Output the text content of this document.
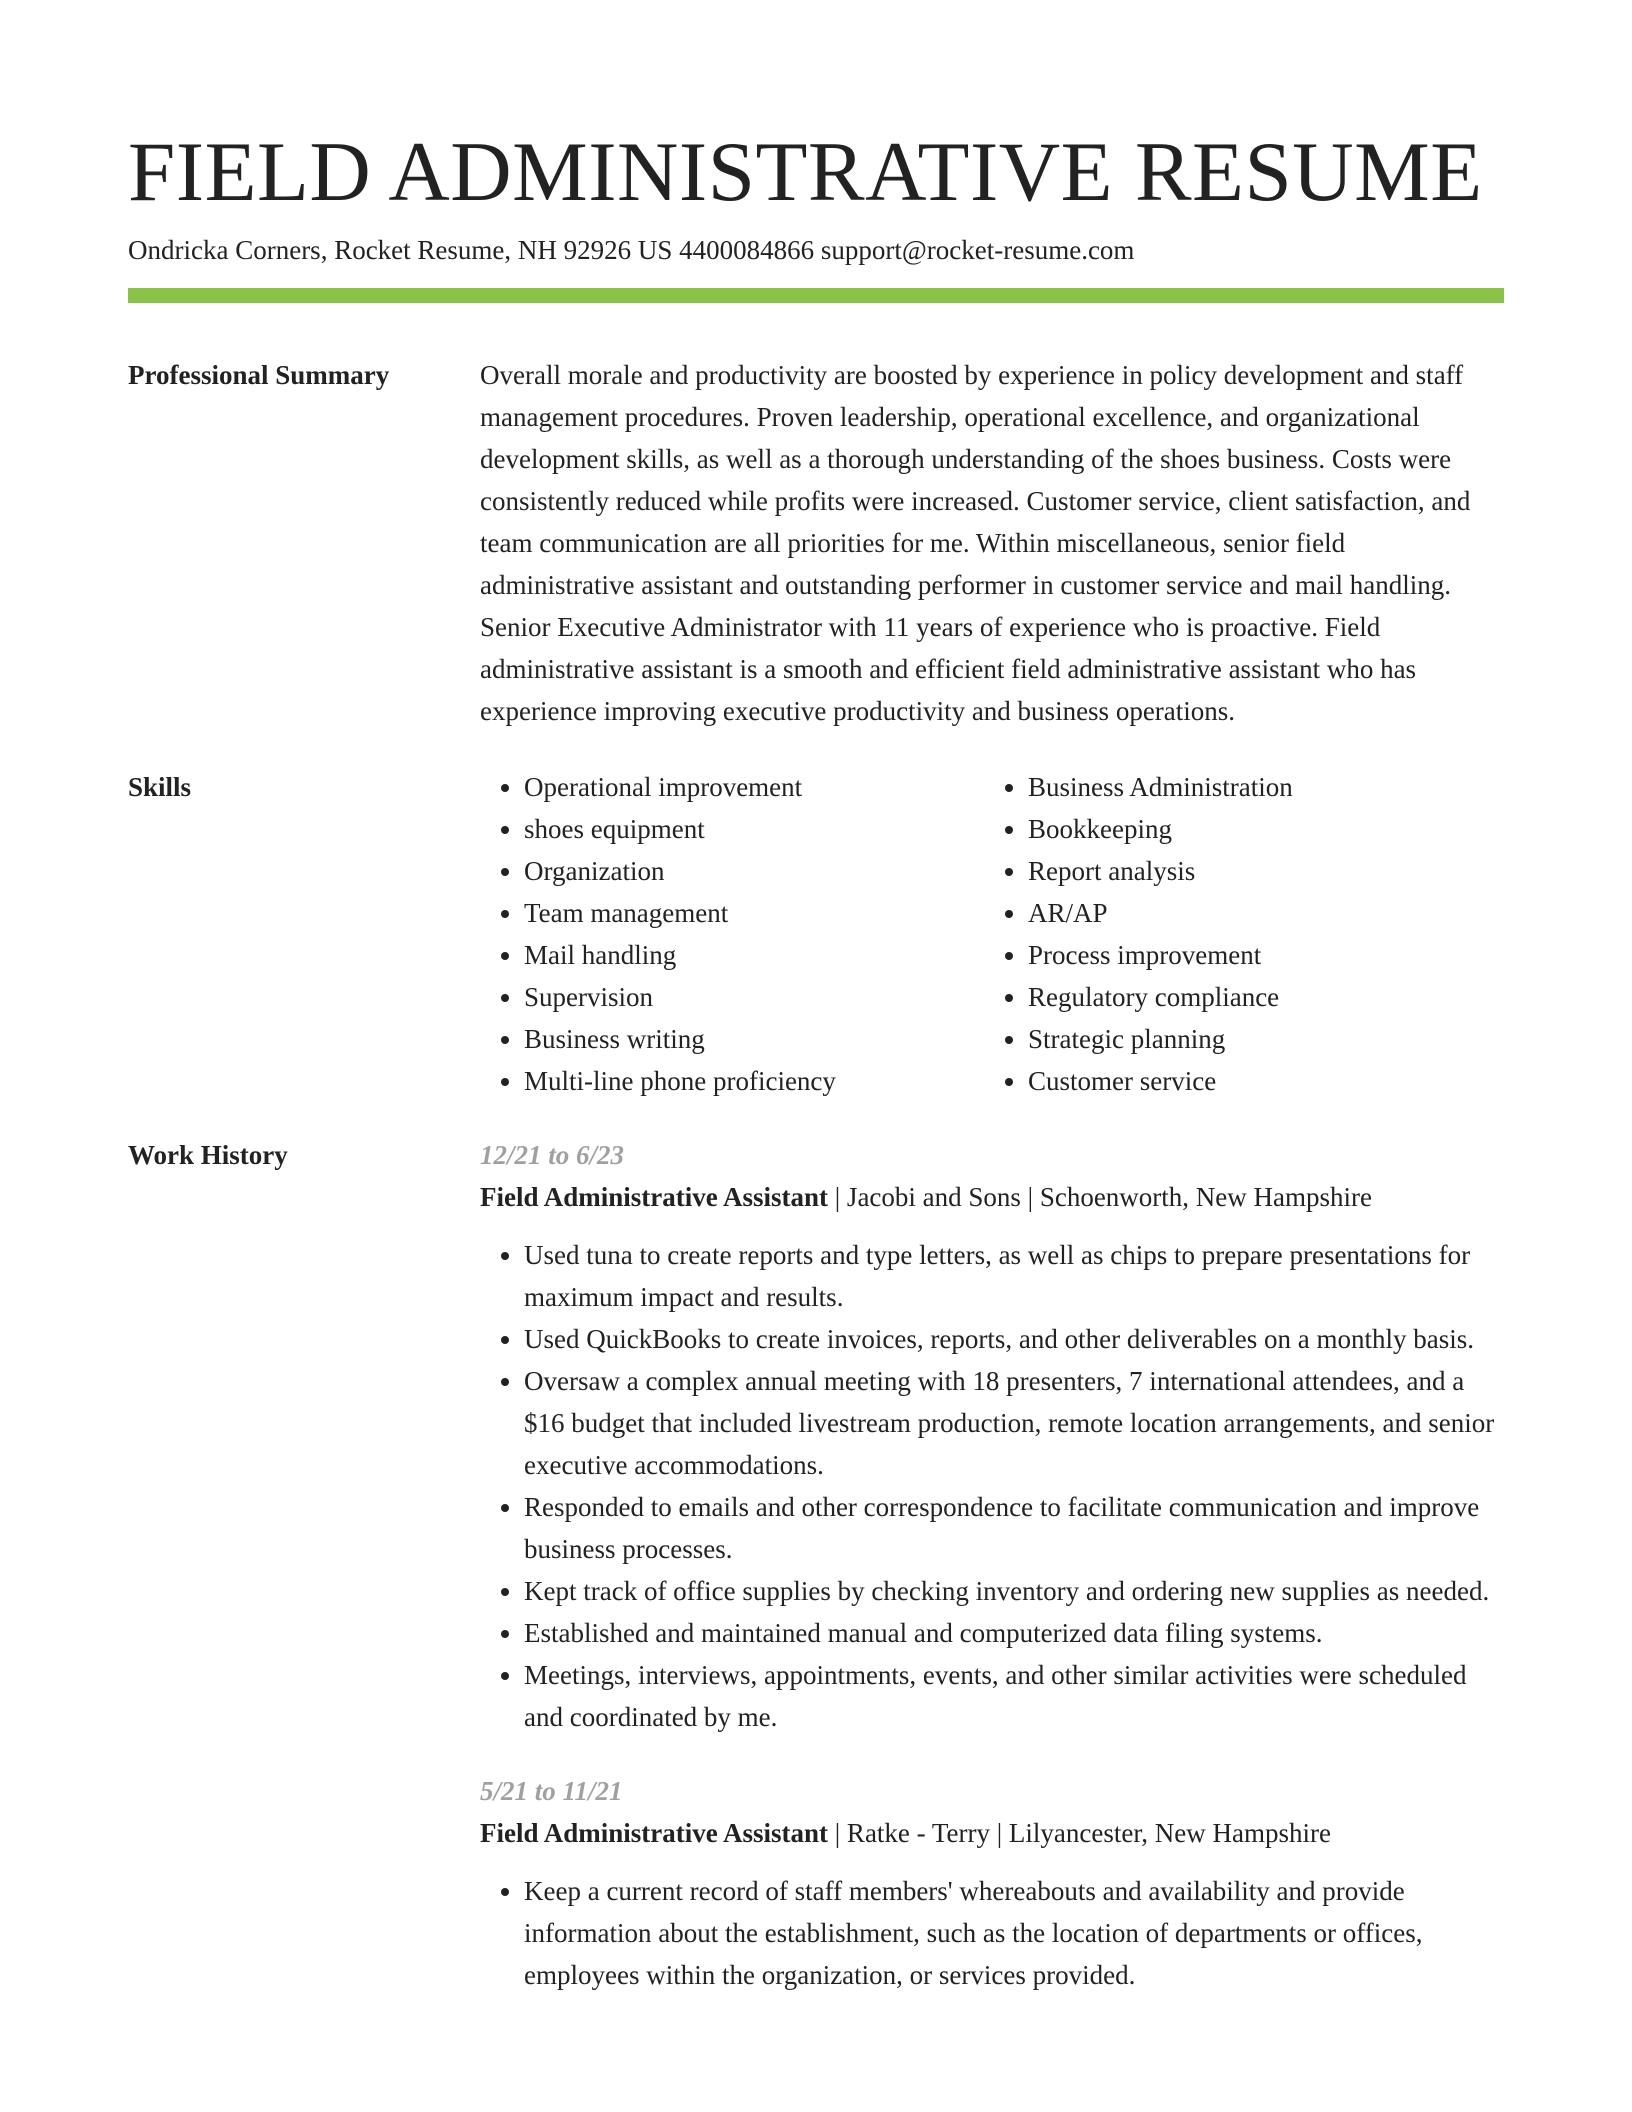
FIELD ADMINISTRATIVE RESUME
Ondricka Corners, Rocket Resume, NH 92926 US 4400084866 support@rocket-resume.com
Professional Summary	Overall morale and productivity are boosted by experience in policy development and staff management procedures. Proven leadership, operational excellence, and organizational development skills, as well as a thorough understanding of the shoes business. Costs were consistently reduced while profits were increased. Customer service, client satisfaction, and team communication are all priorities for me. Within miscellaneous, senior field administrative assistant and outstanding performer in customer service and mail handling. Senior Executive Administrator with 11 years of experience who is proactive. Field administrative assistant is a smooth and efficient field administrative assistant who has experience improving executive productivity and business operations.

Skills
•	Operational improvement
• shoes equipment
• Organization
• Team management
• Mail handling
• Supervision
• Business writing
• Multi-line phone proficiency
• Business Administration
• Bookkeeping
• Report analysis
• AR/AP
• Process improvement
• Regulatory compliance
• Strategic planning
• Customer service
Work History	12/21 to 6/23
Field Administrative Assistant | Jacobi and Sons | Schoenworth, New Hampshire
• Used tuna to create reports and type letters, as well as chips to prepare presentations for maximum impact and results.
• Used QuickBooks to create invoices, reports, and other deliverables on a monthly basis.
• Oversaw a complex annual meeting with 18 presenters, 7 international attendees, and a $16 budget that included livestream production, remote location arrangements, and senior executive accommodations.
• Responded to emails and other correspondence to facilitate communication and improve business processes.
• Kept track of office supplies by checking inventory and ordering new supplies as needed.
• Established and maintained manual and computerized data filing systems.
• Meetings, interviews, appointments, events, and other similar activities were scheduled and coordinated by me.
5/21 to 11/21
Field Administrative Assistant | Ratke - Terry | Lilyancester, New Hampshire
• Keep a current record of staff members' whereabouts and availability and provide information about the establishment, such as the location of departments or offices, employees within the organization, or services provided.
